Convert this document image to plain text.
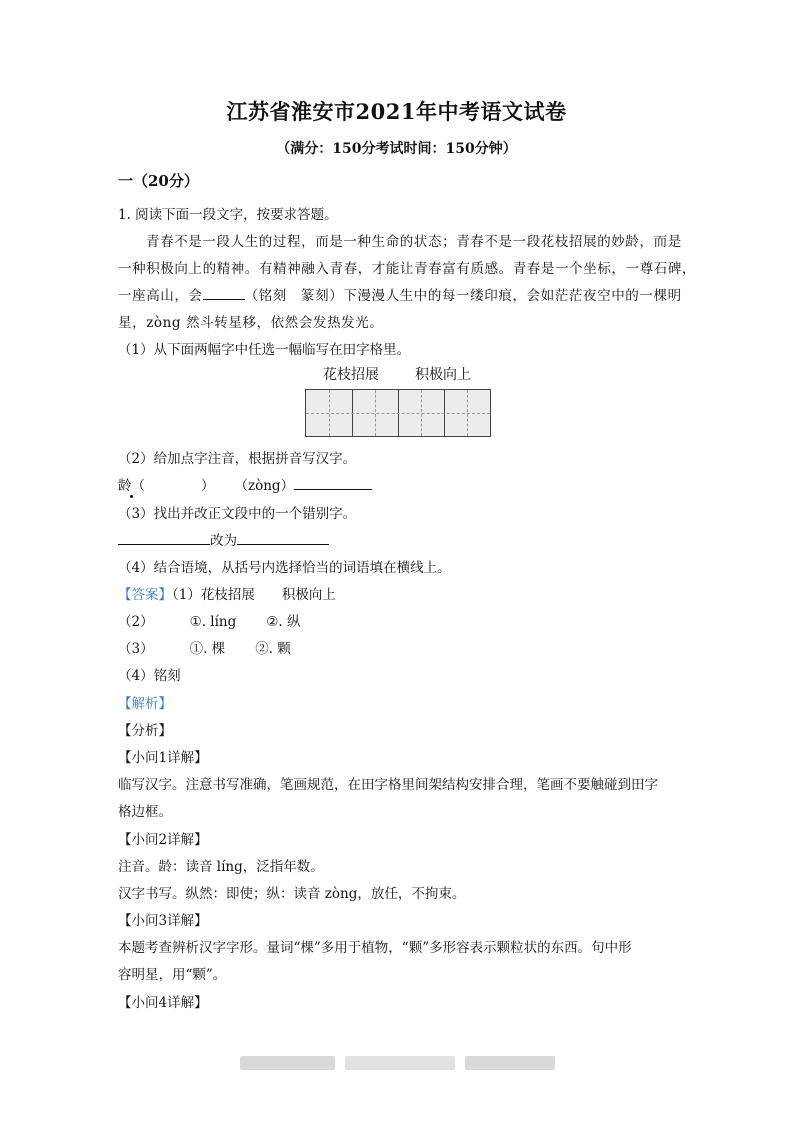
江苏省淮安市2021年中考语文试卷
（满分：150分考试时间：150分钟）
一（20分）
1. 阅读下面一段文字，按要求答题。
青春不是一段人生的过程，而是一种生命的状态；青春不是一段花枝招展的妙龄，而是
一种积极向上的精神。有精神融入青春，才能让青春富有质感。青春是一个坐标，一尊石碑，
一座高山，会	（铭刻　篆刻）下漫漫人生中的每一缕印痕，会如茫茫夜空中的一棵明
星，zòng 然斗转星移，依然会发热发光。
（1）从下面两幅字中任选一幅临写在田字格里。
花枝招展	积极向上
（2）给加点字注音，根据拼音写汉字。
龄（	） （zòng）
（3）找出并改正文段中的一个错别字。
改为
（4）结合语境，从括号内选择恰当的词语填在横线上。
【答案】（1）花枝招展　　积极向上
（2）	①. líng ②. 纵
（3）	①. 棵 ②. 颗
（4）铭刻
【解析】
【分析】
【小问1详解】
临写汉字。注意书写准确，笔画规范，在田字格里间架结构安排合理，笔画不要触碰到田字
格边框。
【小问2详解】
注音。龄：读音 líng，泛指年数。
汉字书写。纵然：即使；纵：读音 zòng，放任，不拘束。
【小问3详解】
本题考查辨析汉字字形。量词“棵”多用于植物，“颗”多形容表示颗粒状的东西。句中形
容明星，用“颗”。
【小问4详解】
